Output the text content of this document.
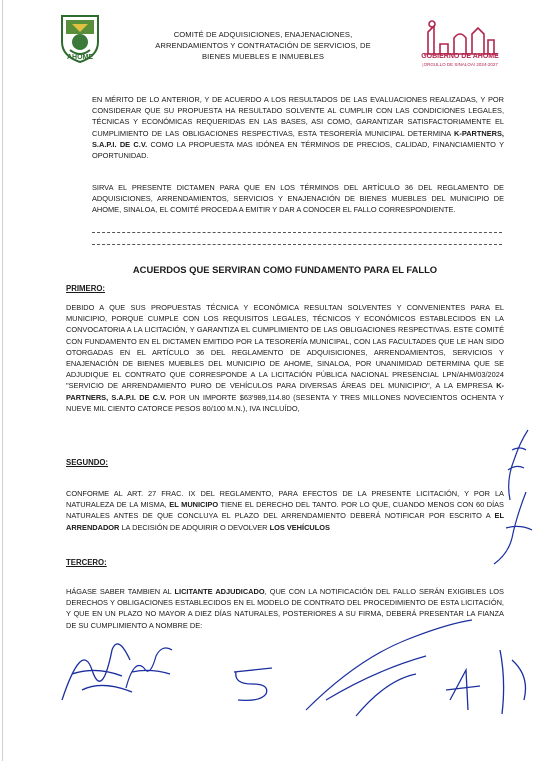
AHOME
COMITÉ DE ADQUISICIONES, ENAJENACIONES,
ARRENDAMIENTOS Y CONTRATACIÓN DE SERVICIOS, DE
BIENES MUEBLES E INMUEBLES	GOBIERNO DE AHOME
¡ORGULLO DE SINALOA! 2024-2027
EN MÉRITO DE LO ANTERIOR, Y DE ACUERDO A LOS RESULTADOS DE LAS EVALUACIONES REALIZADAS, Y POR CONSIDERAR QUE SU PROPUESTA HA RESULTADO SOLVENTE AL CUMPLIR CON LAS CONDICIONES LEGALES, TÉCNICAS Y ECONÓMICAS REQUERIDAS EN LAS BASES, ASI COMO, GARANTIZAR SATISFACTORIAMENTE EL CUMPLIMIENTO DE LAS OBLIGACIONES RESPECTIVAS, ESTA TESORERÍA MUNICIPAL DETERMINA K-PARTNERS, S.A.P.I. DE C.V. COMO LA PROPUESTA MAS IDÓNEA EN TÉRMINOS DE PRECIOS, CALIDAD, FINANCIAMIENTO Y OPORTUNIDAD.
SIRVA EL PRESENTE DICTAMEN PARA QUE EN LOS TÉRMINOS DEL ARTÍCULO 36 DEL REGLAMENTO DE ADQUISICIONES, ARRENDAMIENTOS, SERVICIOS Y ENAJENACIÓN DE BIENES MUEBLES DEL MUNICIPIO DE AHOME, SINALOA, EL COMITÉ PROCEDA A EMITIR Y DAR A CONOCER EL FALLO CORRESPONDIENTE.
ACUERDOS QUE SERVIRAN COMO FUNDAMENTO PARA EL FALLO
PRIMERO:
DEBIDO A QUE SUS PROPUESTAS TÉCNICA Y ECONÓMICA RESULTAN SOLVENTES Y CONVENIENTES PARA EL MUNICIPIO, PORQUE CUMPLE CON LOS REQUISITOS LEGALES, TÉCNICOS Y ECONÓMICOS ESTABLECIDOS EN LA CONVOCATORIA A LA LICITACIÓN, Y GARANTIZA EL CUMPLIMIENTO DE LAS OBLIGACIONES RESPECTIVAS. ESTE COMITÉ CON FUNDAMENTO EN EL DICTAMEN EMITIDO POR LA TESORERÍA MUNICIPAL, CON LAS FACULTADES QUE LE HAN SIDO OTORGADAS EN EL ARTÍCULO 36 DEL REGLAMENTO DE ADQUISICIONES, ARRENDAMIENTOS, SERVICIOS Y ENAJENACIÓN DE BIENES MUEBLES DEL MUNICIPIO DE AHOME, SINALOA, POR UNANIMIDAD DETERMINA QUE SE ADJUDIQUE EL CONTRATO QUE CORRESPONDE A LA LICITACIÓN PÚBLICA NACIONAL PRESENCIAL LPN/AHM/03/2024 "SERVICIO DE ARRENDAMIENTO PURO DE VEHÍCULOS PARA DIVERSAS ÁREAS DEL MUNICIPIO", A LA EMPRESA K-PARTNERS, S.A.P.I. DE C.V. POR UN IMPORTE $63'989,114.80 (SESENTA Y TRES MILLONES NOVECIENTOS OCHENTA Y NUEVE MIL CIENTO CATORCE PESOS 80/100 M.N.), IVA INCLUÍDO,
SEGUNDO:
CONFORME AL ART. 27 FRAC. IX DEL REGLAMENTO, PARA EFECTOS DE LA PRESENTE LICITACIÓN, Y POR LA NATURALEZA DE LA MISMA, EL MUNICIPO TIENE EL DERECHO DEL TANTO. POR LO QUE, CUANDO MENOS CON 60 DÍAS NATURALES ANTES DE QUE CONCLUYA EL PLAZO DEL ARRENDAMIENTO DEBERÁ NOTIFICAR POR ESCRITO A EL ARRENDADOR LA DECISIÓN DE ADQUIRIR O DEVOLVER LOS VEHÍCULOS
TERCERO:
HÁGASE SABER TAMBIEN AL LICITANTE ADJUDICADO, QUE CON LA NOTIFICACIÓN DEL FALLO SERÁN EXIGIBLES LOS DERECHOS Y OBLIGACIONES ESTABLECIDOS EN EL MODELO DE CONTRATO DEL PROCEDIMIENTO DE ESTA LICITACIÓN, Y QUE EN UN PLAZO NO MAYOR A DIEZ DÍAS NATURALES, POSTERIORES A SU FIRMA, DEBERÁ PRESENTAR LA FIANZA DE SU CUMPLIMIENTO A NOMBRE DE:
